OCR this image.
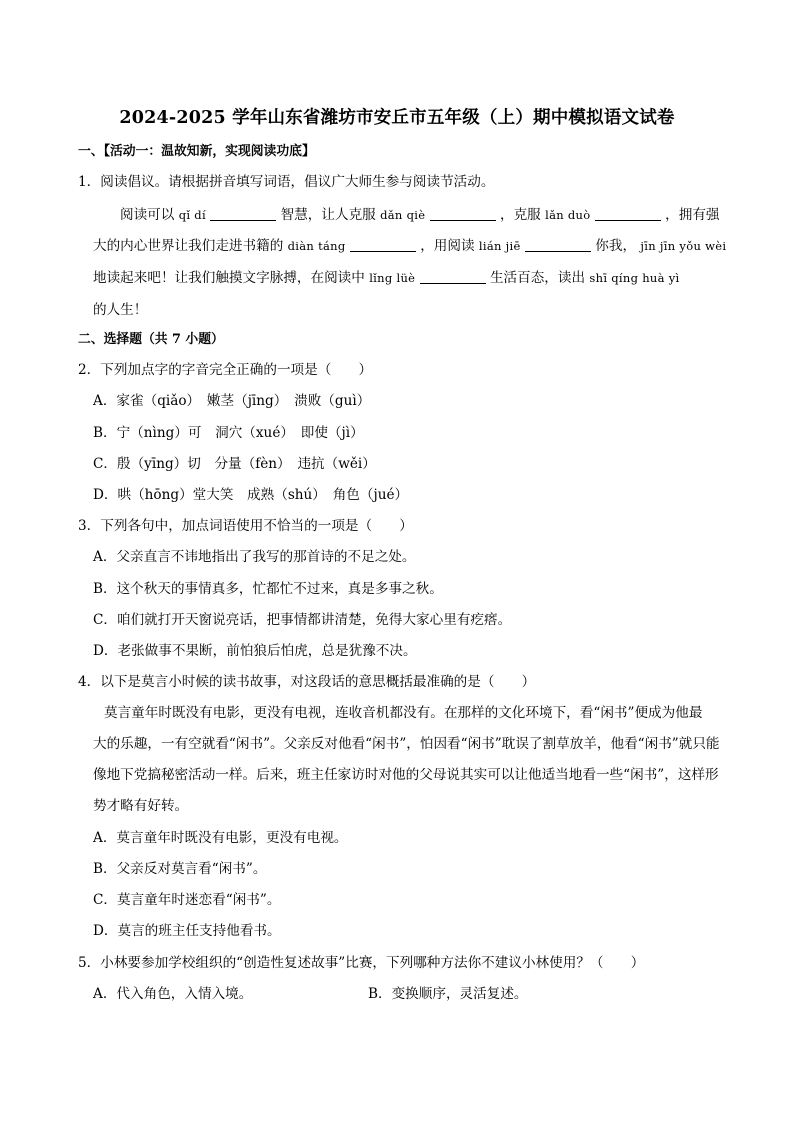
2024-2025 学年山东省潍坊市安丘市五年级（上）期中模拟语文试卷
一、【活动一：温故知新，实现阅读功底】
1．阅读倡议。请根据拼音填写词语，倡议广大师生参与阅读节活动。
阅读可以 qǐ dí	智慧，让人克服 dǎn qiè	，克服 lǎn duò	，拥有强
大的内心世界让我们走进书籍的 diàn táng	，用阅读 lián jiē	你我， jīn jīn yǒu wèi
地读起来吧！让我们触摸文字脉搏，在阅读中 lǐng lüè	生活百态，读出 shī qíng huà yì
的人生！
二、选择题（共 7 小题）
2．下列加点字的字音完全正确的一项是（　　）
A．家雀（qiǎo）　嫩茎（jīng）　溃败（guì）
B．宁（nìng）可　洞穴（xué）　即使（jì）
C．殷（yīng）切　分量（fèn）　违抗（wěi）
D．哄（hōng）堂大笑　成熟（shú）　角色（jué）
3．下列各句中，加点词语使用不恰当的一项是（　　）
A．父亲直言不讳地指出了我写的那首诗的不足之处。
B．这个秋天的事情真多，忙都忙不过来，真是多事之秋。
C．咱们就打开天窗说亮话，把事情都讲清楚，免得大家心里有疙瘩。
D．老张做事不果断，前怕狼后怕虎，总是犹豫不决。
4．以下是莫言小时候的读书故事，对这段话的意思概括最准确的是（　　）
莫言童年时既没有电影，更没有电视，连收音机都没有。在那样的文化环境下，看“闲书”便成为他最
大的乐趣，一有空就看“闲书”。父亲反对他看“闲书”，怕因看“闲书”耽误了割草放羊，他看“闲书”就只能
像地下党搞秘密活动一样。后来，班主任家访时对他的父母说其实可以让他适当地看一些“闲书”，这样形
势才略有好转。
A．莫言童年时既没有电影，更没有电视。
B．父亲反对莫言看“闲书”。
C．莫言童年时迷恋看“闲书”。
D．莫言的班主任支持他看书。
5．小林要参加学校组织的“创造性复述故事”比赛，下列哪种方法你不建议小林使用？（　　）
A．代入角色，入情入境。	B．变换顺序，灵活复述。
